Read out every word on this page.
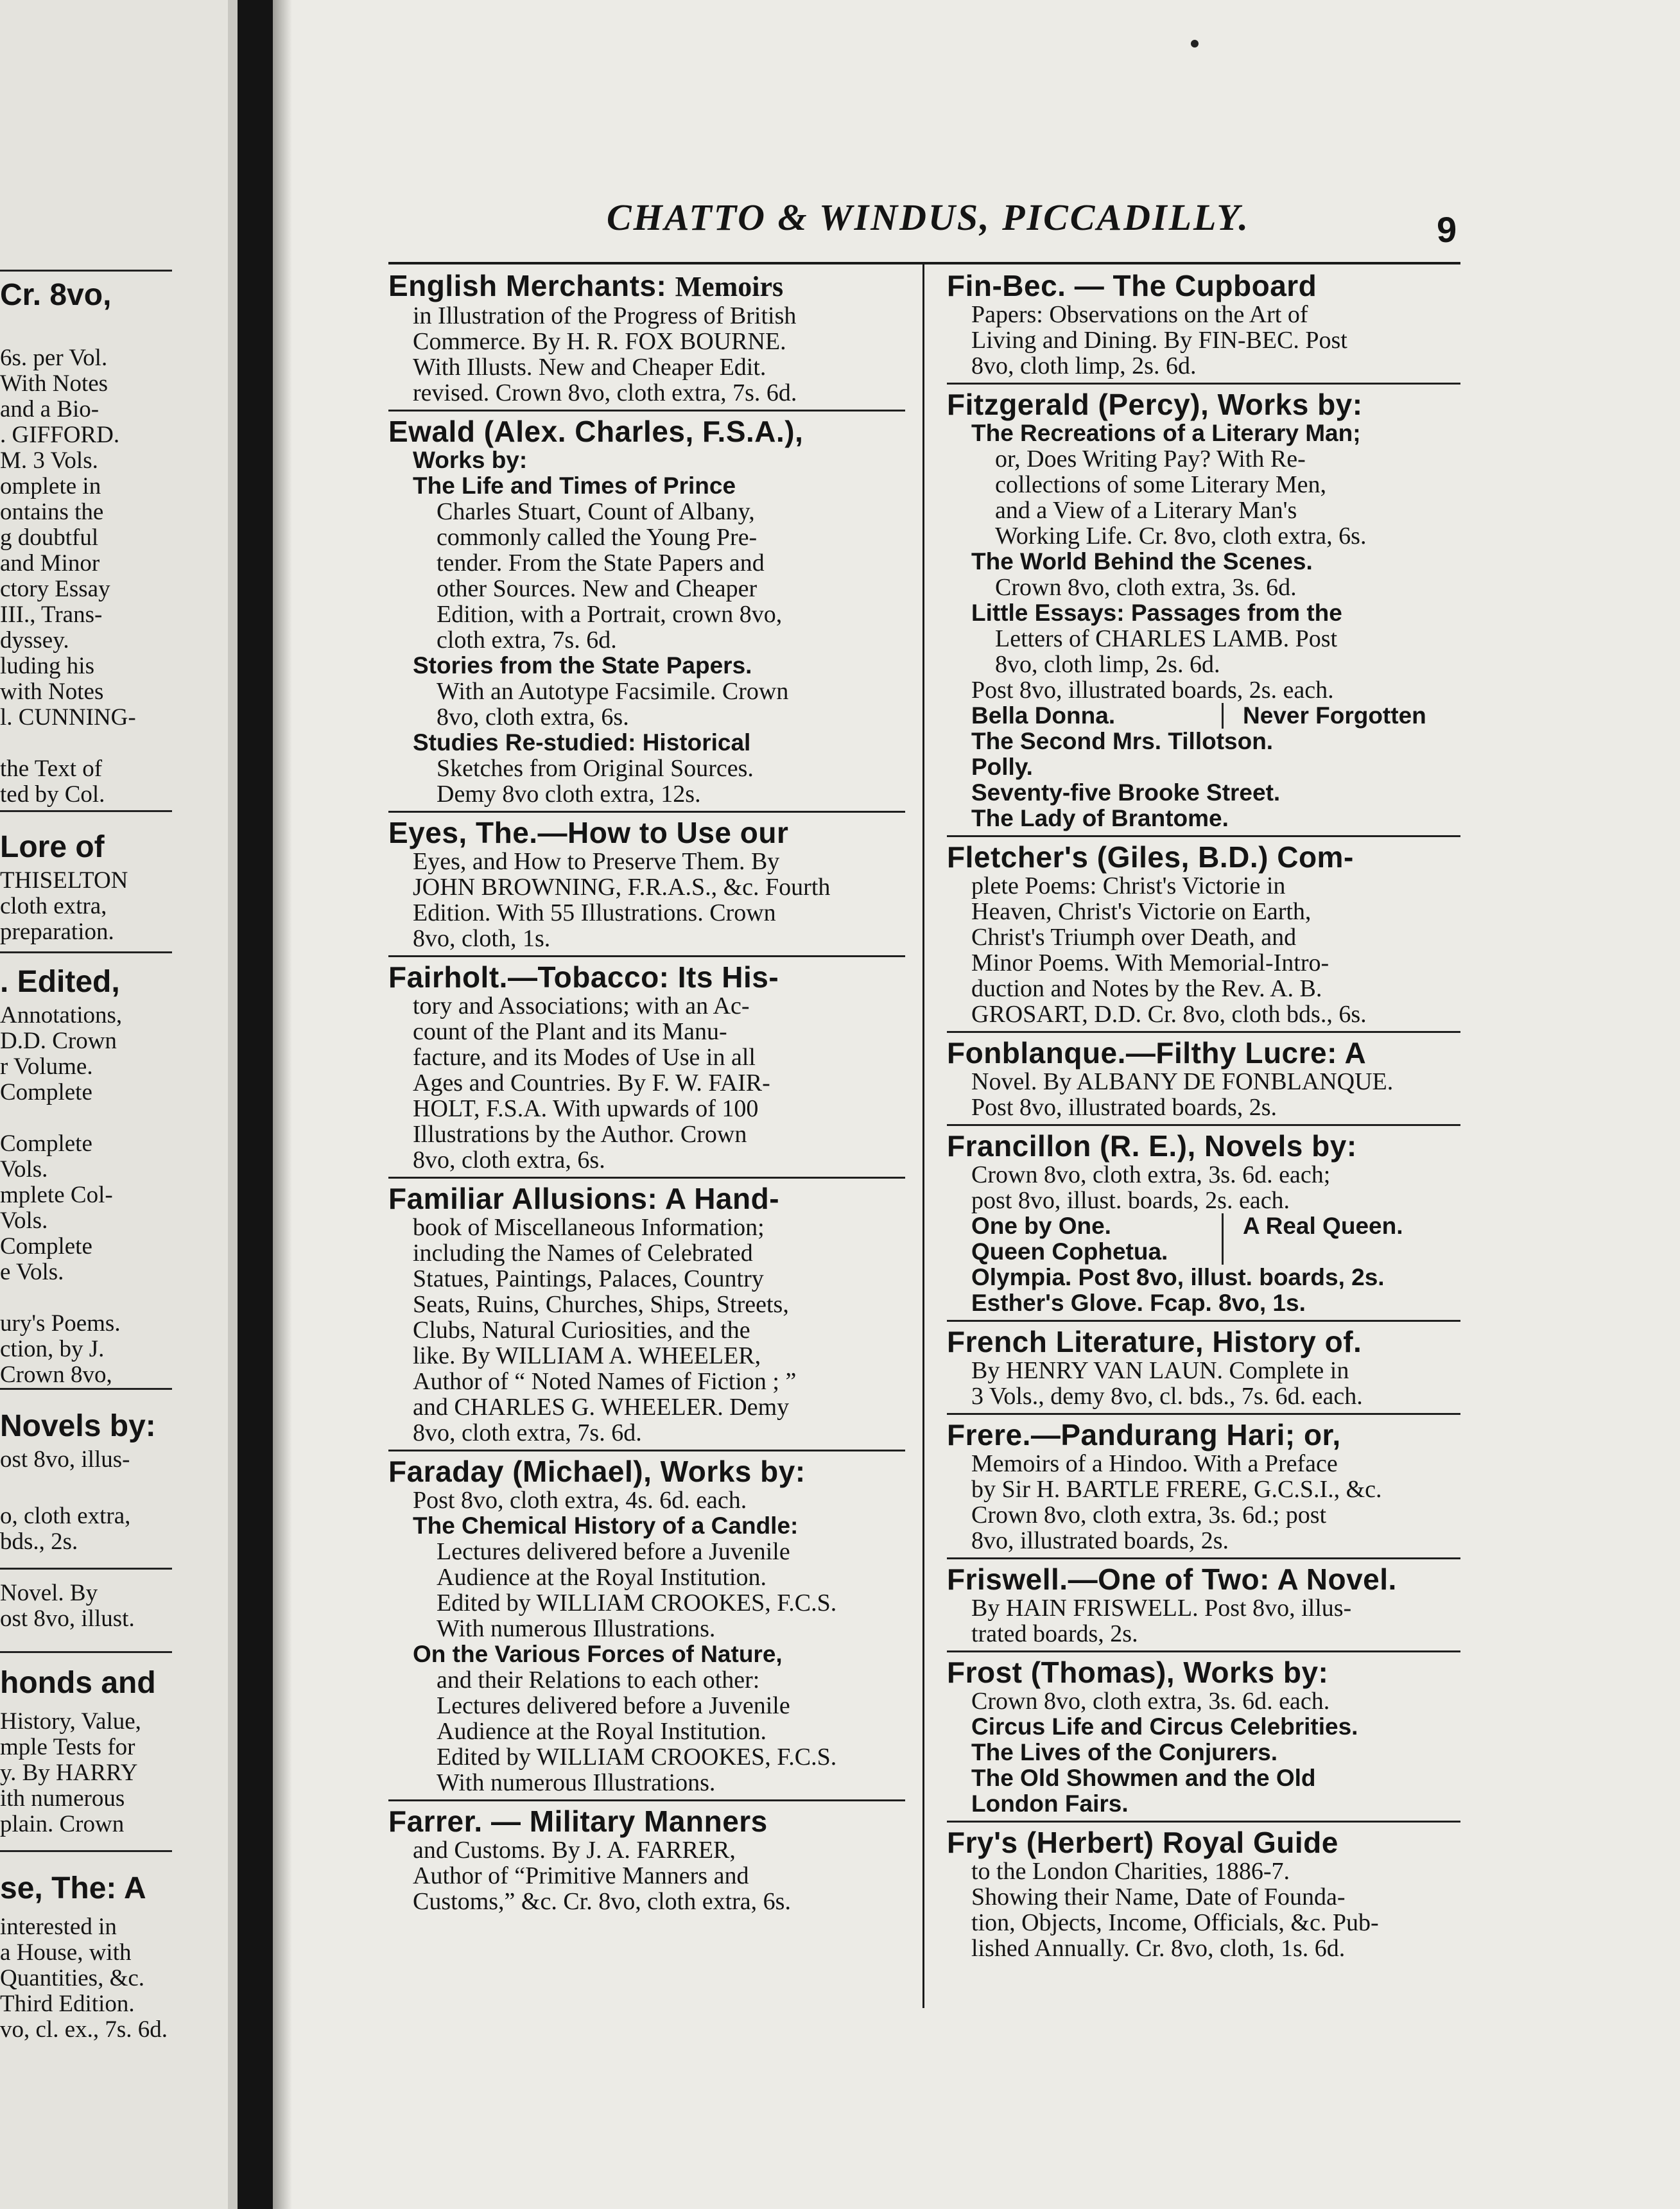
Cr. 8vo,
6s. per Vol.
With Notes
and a Bio-
. GIFFORD.
M. 3 Vols.
omplete in
ontains the
g doubtful
and Minor
ctory Essay
III., Trans-
dyssey.
luding his
with Notes
l. CUNNING-
the Text of
ted by Col.
Lore of
THISELTON
cloth extra,
preparation.
. Edited,
Annotations,
D.D. Crown
r Volume.
Complete
Complete
Vols.
mplete Col-
Vols.
Complete
e Vols.
ury's Poems.
ction, by J.
Crown 8vo,
Novels by:
ost 8vo, illus-
o, cloth extra,
bds., 2s.
Novel. By
ost 8vo, illust.
honds and
History, Value,
mple Tests for
y. By HARRY
ith numerous
plain. Crown
se, The: A
interested in
a House, with
Quantities, &c.
Third Edition.
vo, cl. ex., 7s. 6d.
CHATTO & WINDUS, PICCADILLY.	9
English Merchants: Memoirs
in Illustration of the Progress of British
Commerce. By H. R. FOX BOURNE.
With Illusts. New and Cheaper Edit.
revised. Crown 8vo, cloth extra, 7s. 6d.
Ewald (Alex. Charles, F.S.A.),
Works by:
The Life and Times of Prince
Charles Stuart, Count of Albany,
commonly called the Young Pre-
tender. From the State Papers and
other Sources. New and Cheaper
Edition, with a Portrait, crown 8vo,
cloth extra, 7s. 6d.
Stories from the State Papers.
With an Autotype Facsimile. Crown
8vo, cloth extra, 6s.
Studies Re-studied: Historical
Sketches from Original Sources.
Demy 8vo cloth extra, 12s.
Eyes, The.—How to Use our
Eyes, and How to Preserve Them. By
JOHN BROWNING, F.R.A.S., &c. Fourth
Edition. With 55 Illustrations. Crown
8vo, cloth, 1s.
Fairholt.—Tobacco: Its His-
tory and Associations; with an Ac-
count of the Plant and its Manu-
facture, and its Modes of Use in all
Ages and Countries. By F. W. FAIR-
HOLT, F.S.A. With upwards of 100
Illustrations by the Author. Crown
8vo, cloth extra, 6s.
Familiar Allusions: A Hand-
book of Miscellaneous Information;
including the Names of Celebrated
Statues, Paintings, Palaces, Country
Seats, Ruins, Churches, Ships, Streets,
Clubs, Natural Curiosities, and the
like. By WILLIAM A. WHEELER,
Author of “ Noted Names of Fiction ; ”
and CHARLES G. WHEELER. Demy
8vo, cloth extra, 7s. 6d.
Faraday (Michael), Works by:
Post 8vo, cloth extra, 4s. 6d. each.
The Chemical History of a Candle:
Lectures delivered before a Juvenile
Audience at the Royal Institution.
Edited by WILLIAM CROOKES, F.C.S.
With numerous Illustrations.
On the Various Forces of Nature,
and their Relations to each other:
Lectures delivered before a Juvenile
Audience at the Royal Institution.
Edited by WILLIAM CROOKES, F.C.S.
With numerous Illustrations.
Farrer. — Military Manners
and Customs. By J. A. FARRER,
Author of “Primitive Manners and
Customs,” &c. Cr. 8vo, cloth extra, 6s.
Fin-Bec. — The Cupboard
Papers: Observations on the Art of
Living and Dining. By FIN-BEC. Post
8vo, cloth limp, 2s. 6d.
Fitzgerald (Percy), Works by:
The Recreations of a Literary Man;
or, Does Writing Pay? With Re-
collections of some Literary Men,
and a View of a Literary Man's
Working Life. Cr. 8vo, cloth extra, 6s.
The World Behind the Scenes.
Crown 8vo, cloth extra, 3s. 6d.
Little Essays: Passages from the
Letters of CHARLES LAMB. Post
8vo, cloth limp, 2s. 6d.
Post 8vo, illustrated boards, 2s. each.
Bella Donna.	Never Forgotten
The Second Mrs. Tillotson.
Polly.
Seventy-five Brooke Street.
The Lady of Brantome.
Fletcher's (Giles, B.D.) Com-
plete Poems: Christ's Victorie in
Heaven, Christ's Victorie on Earth,
Christ's Triumph over Death, and
Minor Poems. With Memorial-Intro-
duction and Notes by the Rev. A. B.
GROSART, D.D. Cr. 8vo, cloth bds., 6s.
Fonblanque.—Filthy Lucre: A
Novel. By ALBANY DE FONBLANQUE.
Post 8vo, illustrated boards, 2s.
Francillon (R. E.), Novels by:
Crown 8vo, cloth extra, 3s. 6d. each;
post 8vo, illust. boards, 2s. each.
One by One.
Queen Cophetua.
A Real Queen.
Olympia. Post 8vo, illust. boards, 2s.
Esther's Glove. Fcap. 8vo, 1s.
French Literature, History of.
By HENRY VAN LAUN. Complete in
3 Vols., demy 8vo, cl. bds., 7s. 6d. each.
Frere.—Pandurang Hari; or,
Memoirs of a Hindoo. With a Preface
by Sir H. BARTLE FRERE, G.C.S.I., &c.
Crown 8vo, cloth extra, 3s. 6d.; post
8vo, illustrated boards, 2s.
Friswell.—One of Two: A Novel.
By HAIN FRISWELL. Post 8vo, illus-
trated boards, 2s.
Frost (Thomas), Works by:
Crown 8vo, cloth extra, 3s. 6d. each.
Circus Life and Circus Celebrities.
The Lives of the Conjurers.
The Old Showmen and the Old
London Fairs.
Fry's (Herbert) Royal Guide
to the London Charities, 1886-7.
Showing their Name, Date of Founda-
tion, Objects, Income, Officials, &c. Pub-
lished Annually. Cr. 8vo, cloth, 1s. 6d.
